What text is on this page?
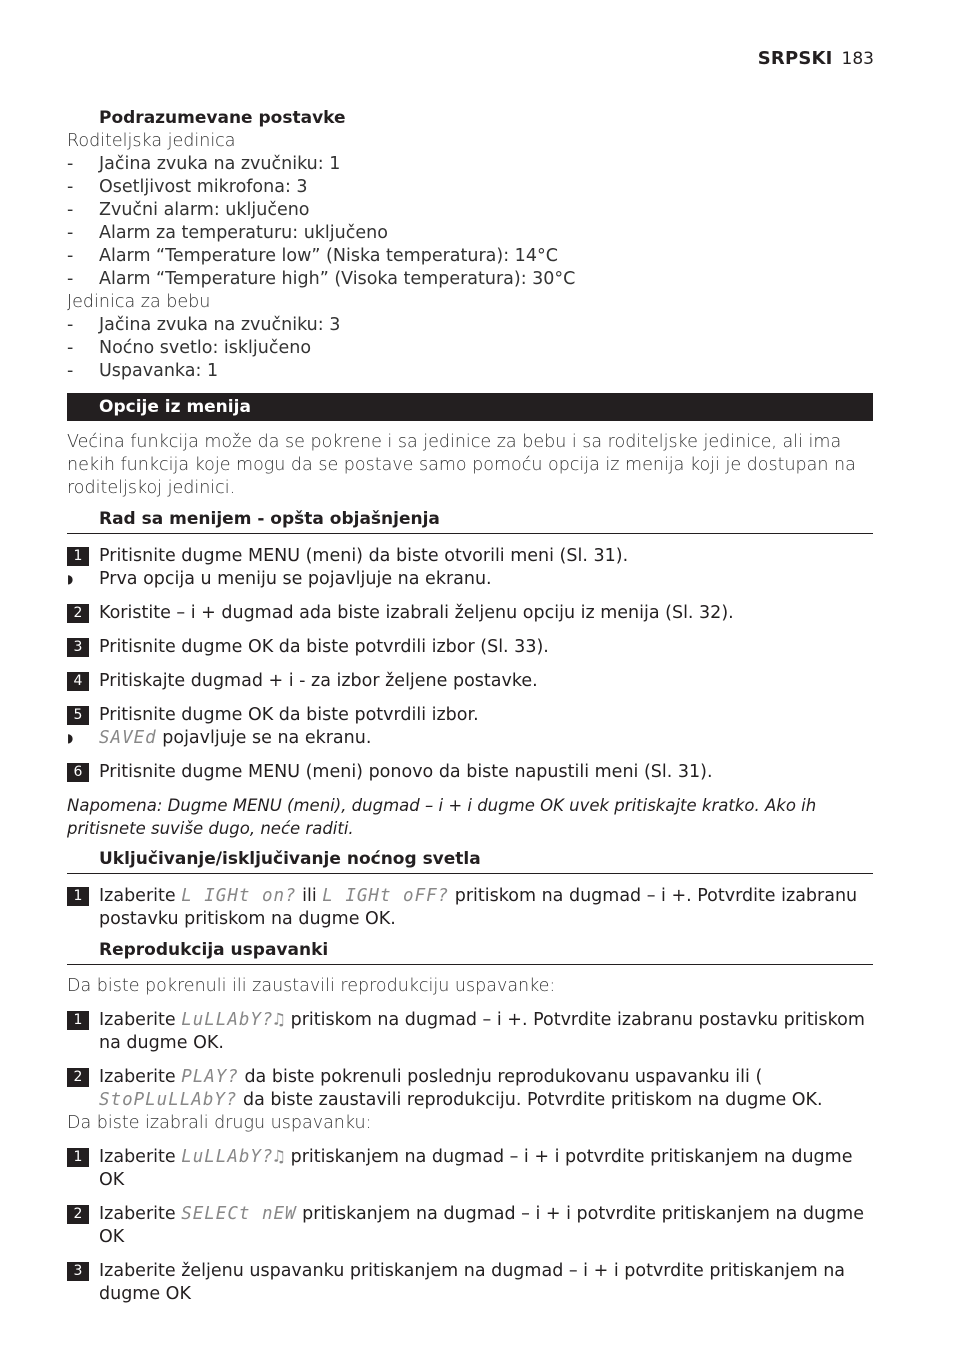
SRPSKI 183
Podrazumevane postavke
Roditeljska jedinica
-	Jačina zvuka na zvučniku: 1
-	Osetljivost mikrofona: 3
-	Zvučni alarm: uključeno
-	Alarm za temperaturu: uključeno
-	Alarm “Temperature low” (Niska temperatura): 14°C
-	Alarm “Temperature high” (Visoka temperatura): 30°C
Jedinica za bebu
-	Jačina zvuka na zvučniku: 3
-	Noćno svetlo: isključeno
-	Uspavanka: 1
Opcije iz menija
Većina funkcija može da se pokrene i sa jedinice za bebu i sa roditeljske jedinice, ali ima nekih funkcija koje mogu da se postave samo pomoću opcija iz menija koji je dostupan na roditeljskoj jedinici.
Rad sa menijem - opšta objašnjenja
1 Pritisnite dugme MENU (meni) da biste otvorili meni (Sl. 31).
◗	Prva opcija u meniju se pojavljuje na ekranu.
2 Koristite – i + dugmad ada biste izabrali željenu opciju iz menija (Sl. 32).
3 Pritisnite dugme OK da biste potvrdili izbor (Sl. 33).
4 Pritiskajte dugmad + i - za izbor željene postavke.
5 Pritisnite dugme OK da biste potvrdili izbor.
◗	SAVEd pojavljuje se na ekranu.
6 Pritisnite dugme MENU (meni) ponovo da biste napustili meni (Sl. 31).
Napomena: Dugme MENU (meni), dugmad – i + i dugme OK uvek pritiskajte kratko. Ako ih pritisnete suviše dugo, neće raditi.
Uključivanje/isključivanje noćnog svetla
1 Izaberite L IGHt on? ili L IGHt oFF? pritiskom na dugmad – i +. Potvrdite izabranu postavku pritiskom na dugme OK.
Reprodukcija uspavanki
Da biste pokrenuli ili zaustavili reprodukciju uspavanke:
1 Izaberite LuLLAbY?♫ pritiskom na dugmad – i +. Potvrdite izabranu postavku pritiskom na dugme OK.
2 Izaberite PLAY? da biste pokrenuli poslednju reprodukovanu uspavanku ili ( StoPLuLLAbY? da biste zaustavili reprodukciju. Potvrdite pritiskom na dugme OK.
Da biste izabrali drugu uspavanku:
1 Izaberite LuLLAbY?♫ pritiskanjem na dugmad – i + i potvrdite pritiskanjem na dugme OK
2 Izaberite SELECt nEW pritiskanjem na dugmad – i + i potvrdite pritiskanjem na dugme OK
3 Izaberite željenu uspavanku pritiskanjem na dugmad – i + i potvrdite pritiskanjem na dugme OK
